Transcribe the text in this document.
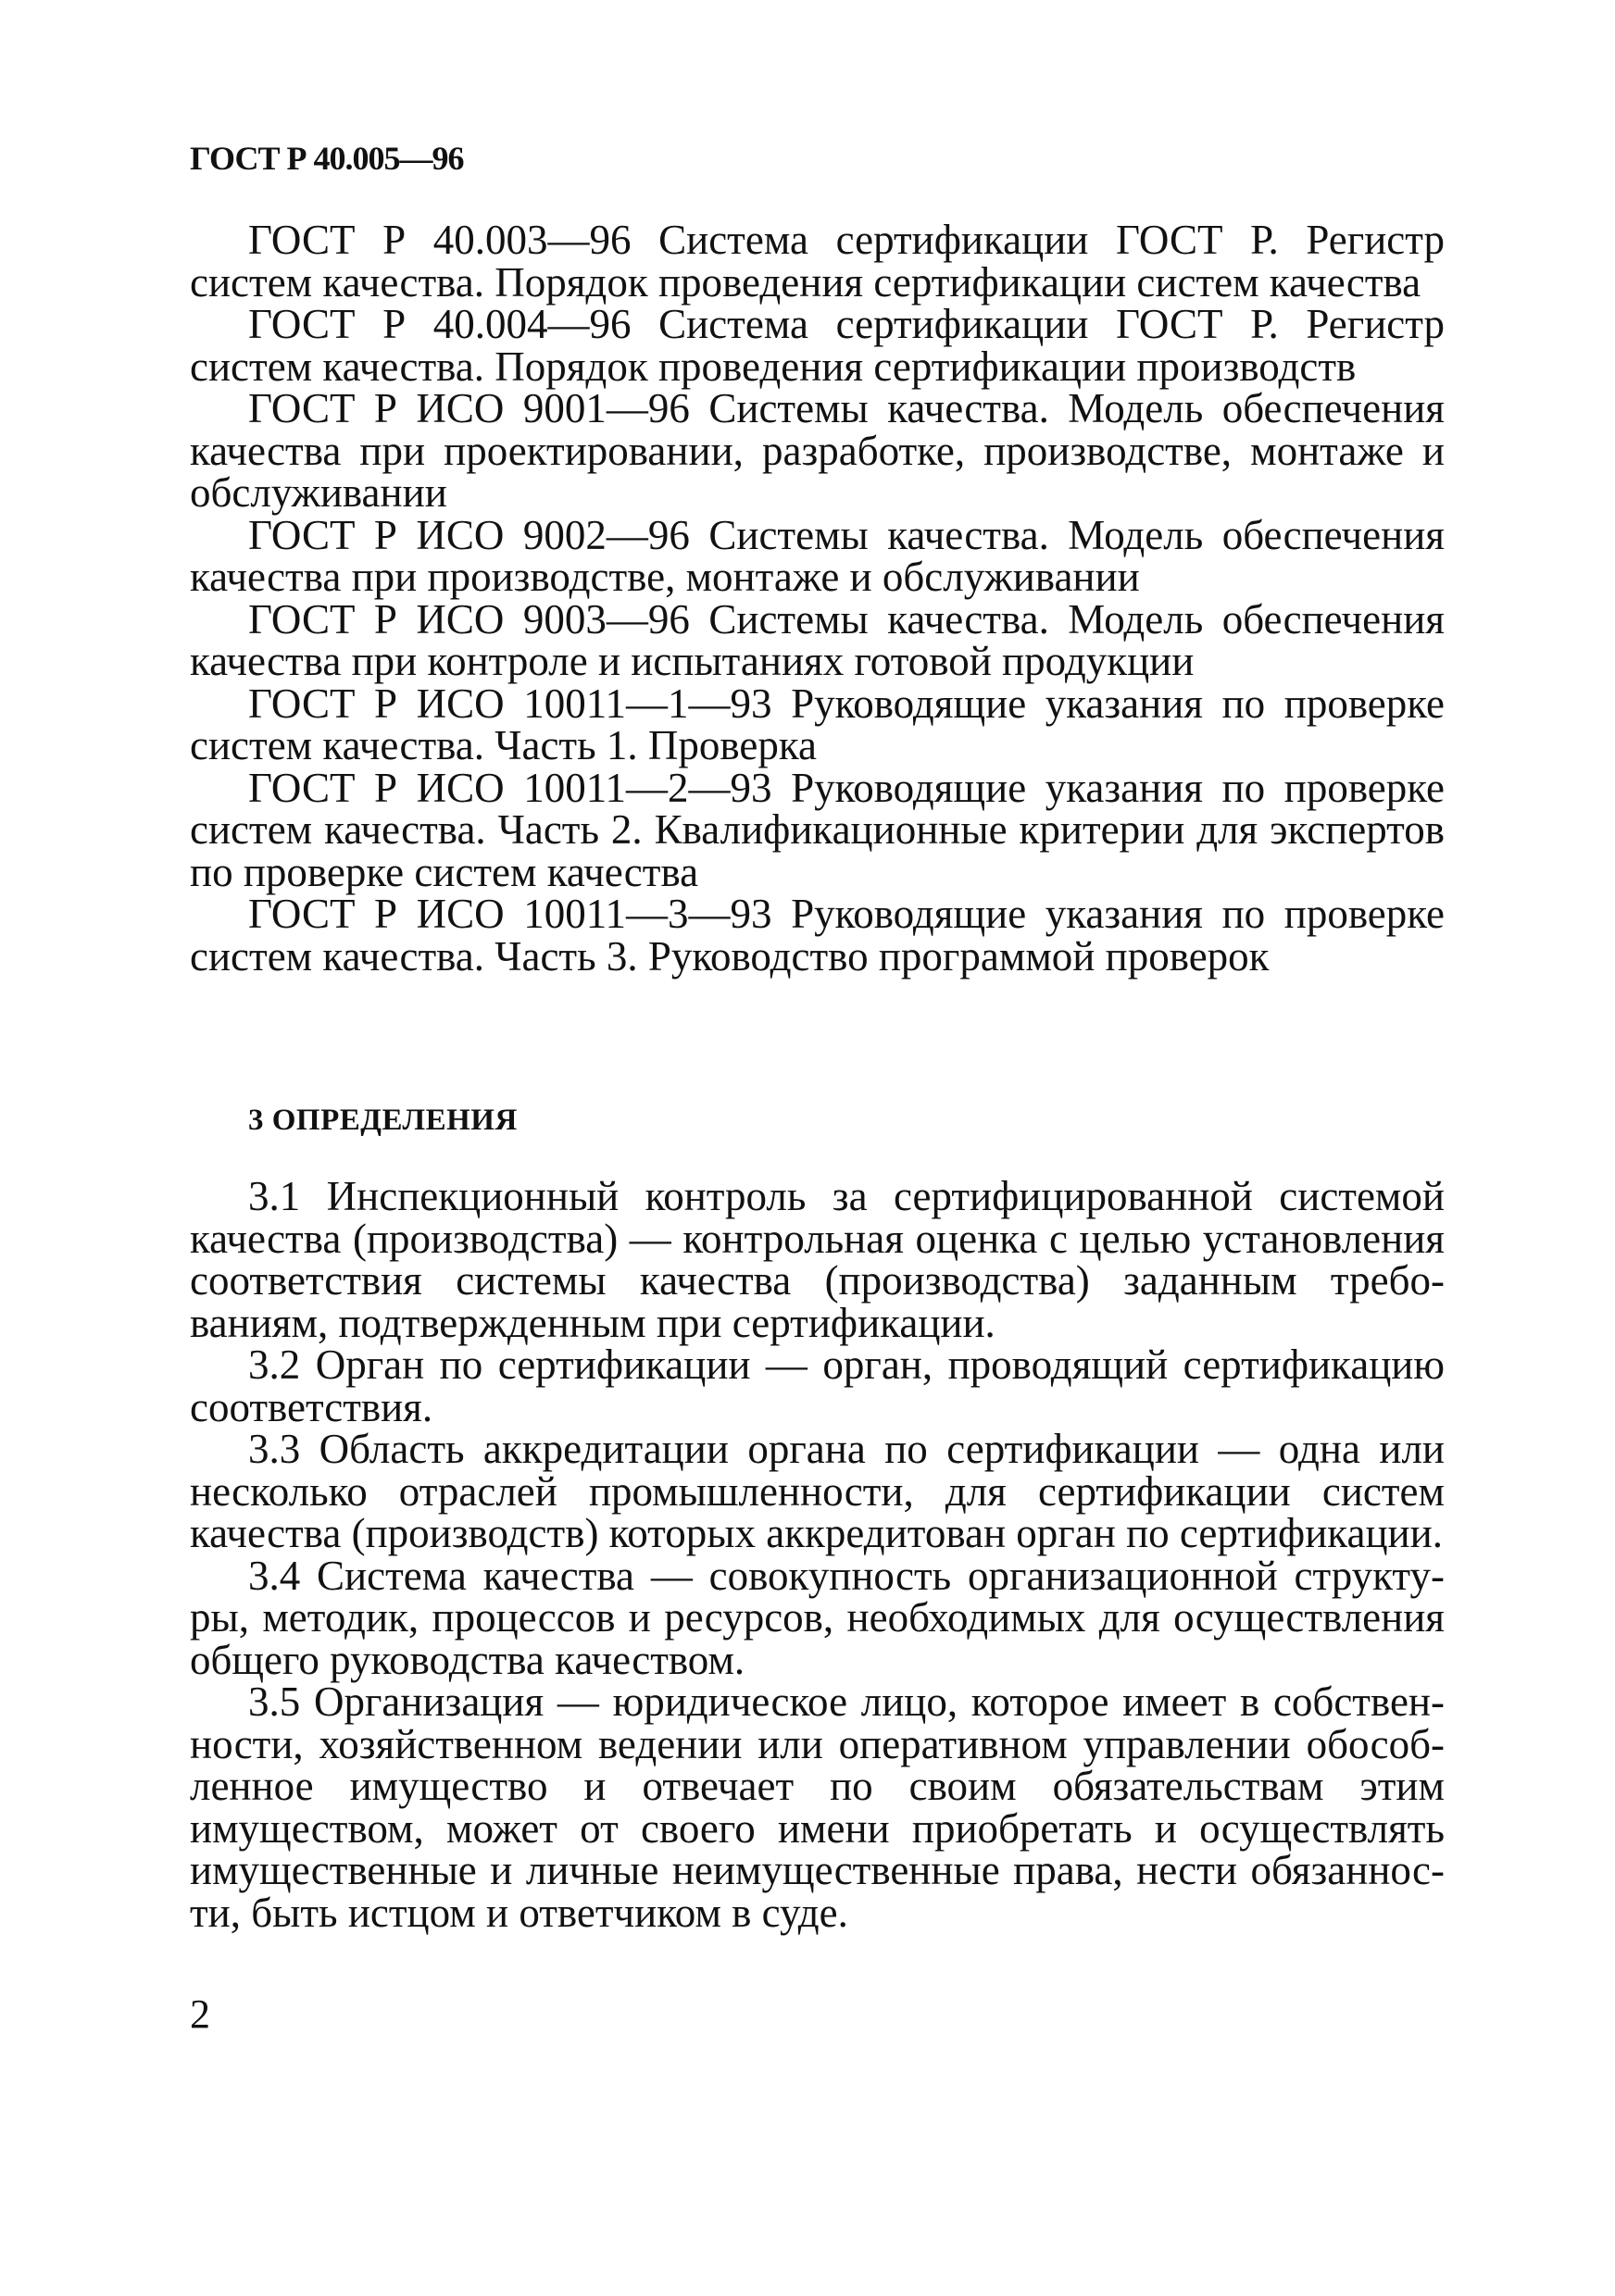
ГОСТ Р 40.005—96

ГОСТ Р 40.003—96 Система сертификации ГОСТ Р. Регистр систем качества. Порядок проведения сертификации систем качества

ГОСТ Р 40.004—96 Система сертификации ГОСТ Р. Регистр систем качества. Порядок проведения сертификации производств

ГОСТ Р ИСО 9001—96 Системы качества. Модель обеспечения качества при проектировании, разработке, производстве, монтаже и обслуживании

ГОСТ Р ИСО 9002—96 Системы качества. Модель обеспечения качества при производстве, монтаже и обслуживании

ГОСТ Р ИСО 9003—96 Системы качества. Модель обеспечения качества при контроле и испытаниях готовой продукции

ГОСТ Р ИСО 10011—1—93 Руководящие указания по проверке систем качества. Часть 1. Проверка

ГОСТ Р ИСО 10011—2—93 Руководящие указания по проверке систем качества. Часть 2. Квалификационные критерии для экспертов по проверке систем качества

ГОСТ Р ИСО 10011—3—93 Руководящие указания по проверке систем качества. Часть 3. Руководство программой проверок

3 ОПРЕДЕЛЕНИЯ

3.1 Инспекционный контроль за сертифицированной системой качества (производства) — контрольная оценка с целью установления соответствия системы качества (производства) заданным требованиям, подтвержденным при сертификации.

3.2 Орган по сертификации — орган, проводящий сертификацию соответствия.

3.3 Область аккредитации органа по сертификации — одна или несколько отраслей промышленности, для сертификации систем качества (производств) которых аккредитован орган по сертификации.

3.4 Система качества — совокупность организационной структуры, методик, процессов и ресурсов, необходимых для осуществления общего руководства качеством.

3.5 Организация — юридическое лицо, которое имеет в собственности, хозяйственном ведении или оперативном управлении обособленное имущество и отвечает по своим обязательствам этим имуществом, может от своего имени приобретать и осуществлять имущественные и личные неимущественные права, нести обязанности, быть истцом и ответчиком в суде.

2
